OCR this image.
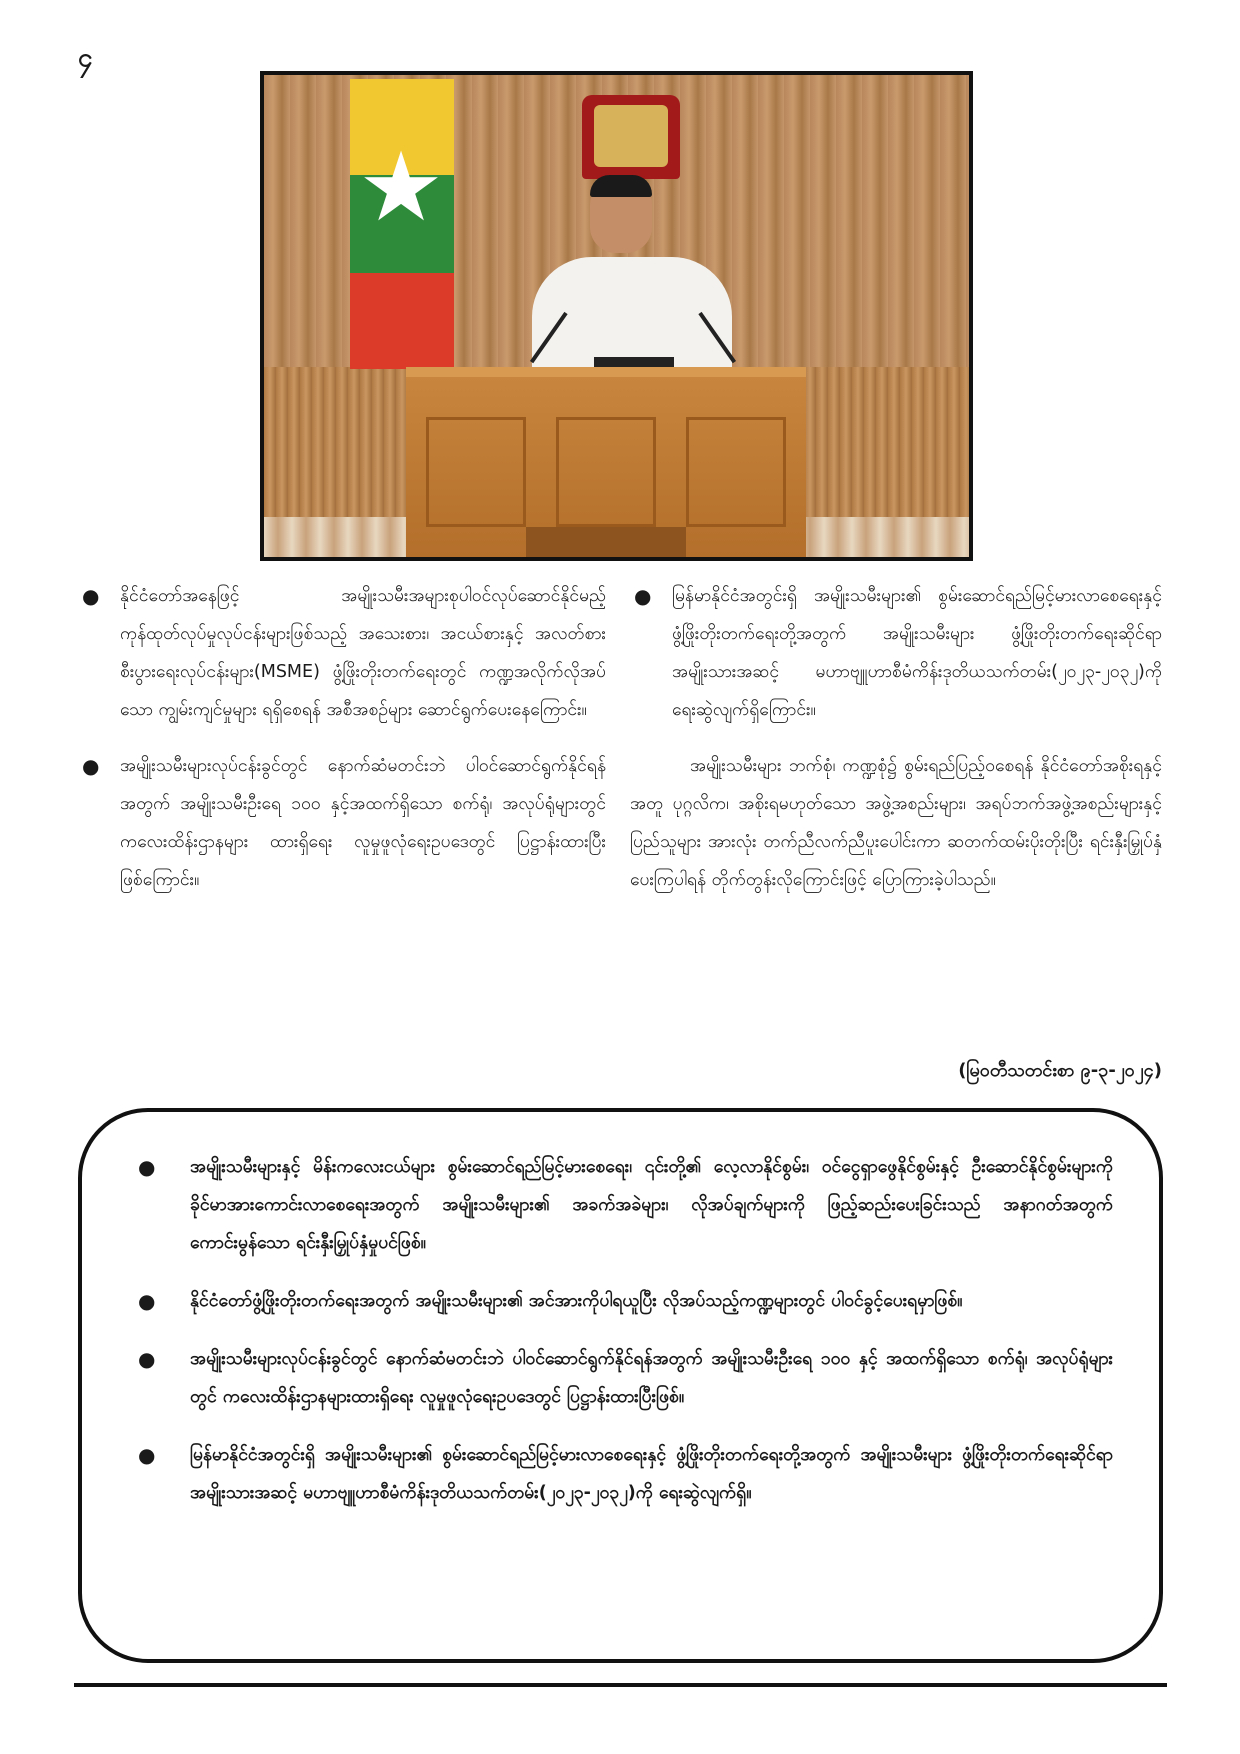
၄
★
● နိုင်ငံတော်အနေဖြင့် အမျိုးသမီးအများစုပါဝင်လုပ်ဆောင်နိုင်မည့် ကုန်ထုတ်လုပ်မှုလုပ်ငန်းများဖြစ်သည့် အသေးစား၊ အငယ်စားနှင့် အလတ်စားစီးပွားရေးလုပ်ငန်းများ(MSME) ဖွံ့ဖြိုးတိုးတက်ရေးတွင် ကဏ္ဍအလိုက်လိုအပ်သော ကျွမ်းကျင်မှုများ ရရှိစေရန် အစီအစဉ်များ ဆောင်ရွက်ပေးနေကြောင်း။
● အမျိုးသမီးများလုပ်ငန်းခွင်တွင် နောက်ဆံမတင်းဘဲ ပါဝင်ဆောင်ရွက်နိုင်ရန်အတွက် အမျိုးသမီးဦးရေ ၁၀၀ နှင့်အထက်ရှိသော စက်ရုံ၊ အလုပ်ရုံများတွင် ကလေးထိန်းဌာနများ ထားရှိရေး လူမှုဖူလုံရေးဥပဒေတွင် ပြဋ္ဌာန်းထားပြီးဖြစ်ကြောင်း။
● မြန်မာနိုင်ငံအတွင်းရှိ အမျိုးသမီးများ၏ စွမ်းဆောင်ရည်မြင့်မားလာစေရေးနှင့် ဖွံ့ဖြိုးတိုးတက်ရေးတို့အတွက် အမျိုးသမီးများ ဖွံ့ဖြိုးတိုးတက်ရေးဆိုင်ရာ အမျိုးသားအဆင့် မဟာဗျူဟာစီမံကိန်းဒုတိယသက်တမ်း(၂၀၂၃-၂၀၃၂)ကို ရေးဆွဲလျက်ရှိကြောင်း။

အမျိုးသမီးများ ဘက်စုံ၊ ကဏ္ဍစုံ၌ စွမ်းရည်ပြည့်ဝစေရန် နိုင်ငံတော်အစိုးရနှင့်အတူ ပုဂ္ဂလိက၊ အစိုးရမဟုတ်သော အဖွဲ့အစည်းများ၊ အရပ်ဘက်အဖွဲ့အစည်းများနှင့် ပြည်သူများ အားလုံး တက်ညီလက်ညီပူးပေါင်းကာ ဆတက်ထမ်းပိုးတိုးပြီး ရင်းနှီးမြှုပ်နှံပေးကြပါရန် တိုက်တွန်းလိုကြောင်းဖြင့် ပြောကြားခဲ့ပါသည်။

(မြဝတီသတင်းစာ ၉-၃-၂၀၂၄)
● အမျိုးသမီးများနှင့် မိန်းကလေးငယ်များ စွမ်းဆောင်ရည်မြင့်မားစေရေး၊ ၎င်းတို့၏ လေ့လာနိုင်စွမ်း၊ ဝင်ငွေရှာဖွေနိုင်စွမ်းနှင့် ဦးဆောင်နိုင်စွမ်းများကို ခိုင်မာအားကောင်းလာစေရေးအတွက် အမျိုးသမီးများ၏ အခက်အခဲများ၊ လိုအပ်ချက်များကို ဖြည့်ဆည်းပေးခြင်းသည် အနာဂတ်အတွက် ကောင်းမွန်သော ရင်းနှီးမြှုပ်နှံမှုပင်ဖြစ်။
● နိုင်ငံတော်ဖွံ့ဖြိုးတိုးတက်ရေးအတွက် အမျိုးသမီးများ၏ အင်အားကိုပါရယူပြီး လိုအပ်သည့်ကဏ္ဍများတွင် ပါဝင်ခွင့်ပေးရမှာဖြစ်။
● အမျိုးသမီးများလုပ်ငန်းခွင်တွင် နောက်ဆံမတင်းဘဲ ပါဝင်ဆောင်ရွက်နိုင်ရန်အတွက် အမျိုးသမီးဦးရေ ၁၀၀ နှင့် အထက်ရှိသော စက်ရုံ၊ အလုပ်ရုံများတွင် ကလေးထိန်းဌာနများထားရှိရေး လူမှုဖူလုံရေးဥပဒေတွင် ပြဋ္ဌာန်းထားပြီးဖြစ်။
● မြန်မာနိုင်ငံအတွင်းရှိ အမျိုးသမီးများ၏ စွမ်းဆောင်ရည်မြင့်မားလာစေရေးနှင့် ဖွံ့ဖြိုးတိုးတက်ရေးတို့အတွက် အမျိုးသမီးများ ဖွံ့ဖြိုးတိုးတက်ရေးဆိုင်ရာ အမျိုးသားအဆင့် မဟာဗျူဟာစီမံကိန်းဒုတိယသက်တမ်း(၂၀၂၃-၂၀၃၂)ကို ရေးဆွဲလျက်ရှိ။
